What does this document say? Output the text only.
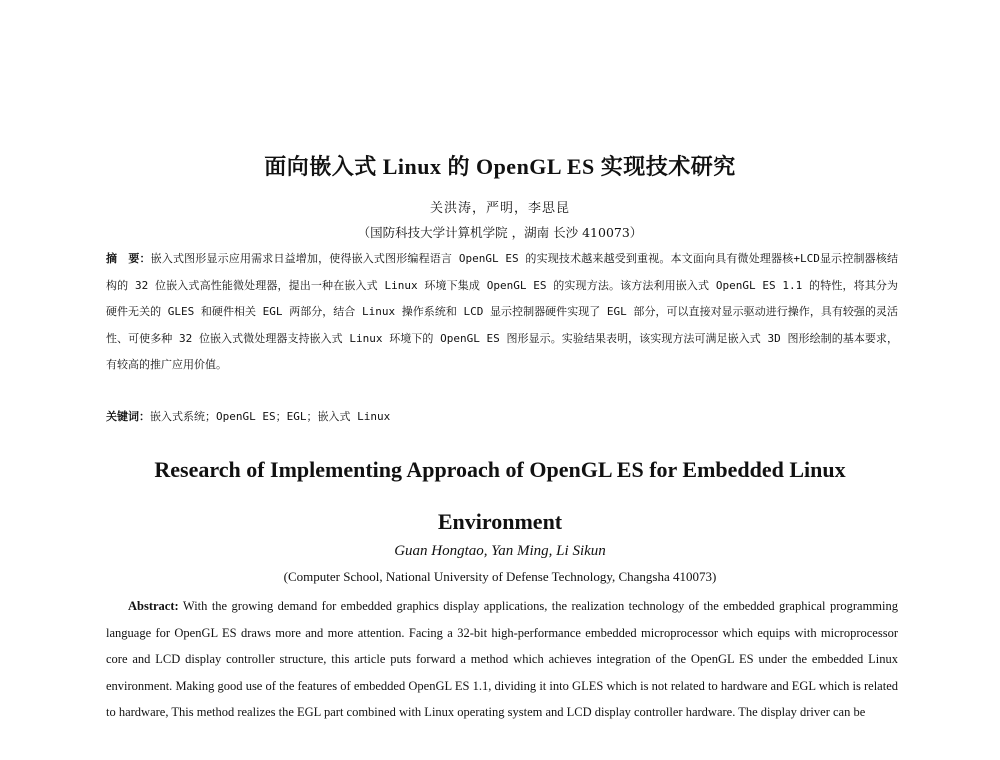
面向嵌入式 Linux 的 OpenGL ES 实现技术研究
关洪涛，严明，李思昆
（国防科技大学计算机学院 ，湖南 长沙 410073）
摘　要：嵌入式图形显示应用需求日益增加，使得嵌入式图形编程语言 OpenGL ES 的实现技术越来越受到重视。本文面向具有微处理器核+LCD显示控制器核结构的 32 位嵌入式高性能微处理器，提出一种在嵌入式 Linux 环境下集成 OpenGL ES 的实现方法。该方法利用嵌入式 OpenGL ES 1.1 的特性，将其分为硬件无关的 GLES 和硬件相关 EGL 两部分，结合 Linux 操作系统和 LCD 显示控制器硬件实现了 EGL 部分，可以直接对显示驱动进行操作，具有较强的灵活性、可使多种 32 位嵌入式微处理器支持嵌入式 Linux 环境下的 OpenGL ES 图形显示。实验结果表明，该实现方法可满足嵌入式 3D 图形绘制的基本要求，有较高的推广应用价值。
关键词：嵌入式系统；OpenGL ES；EGL；嵌入式 Linux
Research of Implementing Approach of OpenGL ES for Embedded Linux Environment
Guan Hongtao, Yan Ming, Li Sikun
(Computer School, National University of Defense Technology, Changsha 410073)
Abstract: With the growing demand for embedded graphics display applications, the realization technology of the embedded graphical programming language for OpenGL ES draws more and more attention. Facing a 32-bit high-performance embedded microprocessor which equips with microprocessor core and LCD display controller structure, this article puts forward a method which achieves integration of the OpenGL ES under the embedded Linux environment. Making good use of the features of embedded OpenGL ES 1.1, dividing it into GLES which is not related to hardware and EGL which is related to hardware, This method realizes the EGL part combined with Linux operating system and LCD display controller hardware. The display driver can be
